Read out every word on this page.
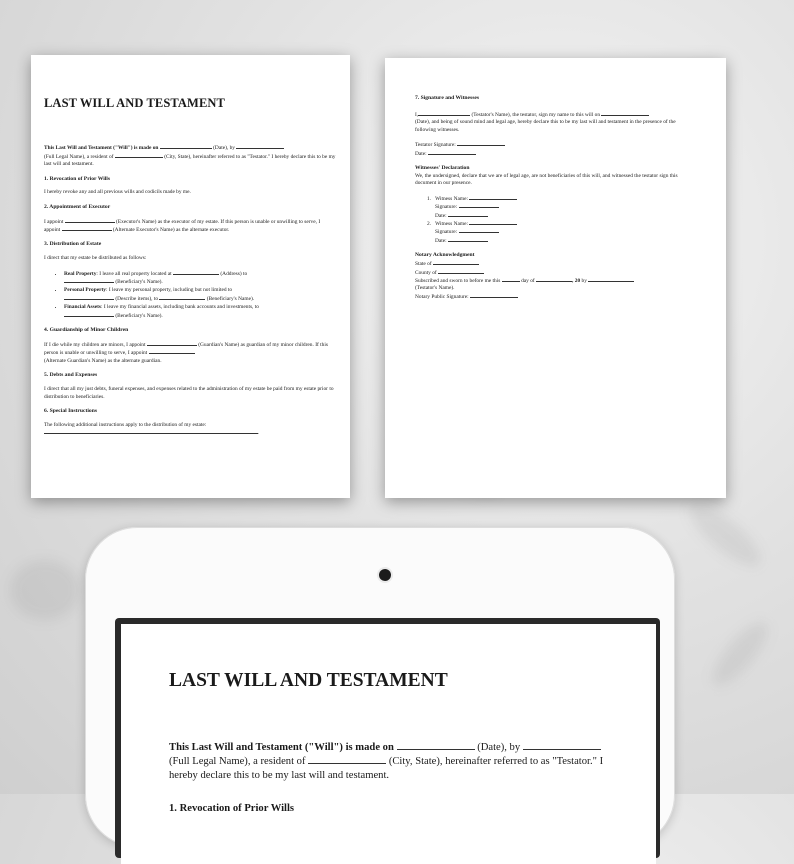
LAST WILL AND TESTAMENT

This Last Will and Testament ("Will") is made on	(Date), by
(Full Legal Name), a resident of	(City, State), hereinafter referred to as "Testator." I hereby declare this to be my last will and testament.

1. Revocation of Prior Wills

I hereby revoke any and all previous wills and codicils made by me.

2. Appointment of Executor

I appoint	(Executor's Name) as the executor of my estate. If this person is unable or unwilling to serve, I appoint	(Alternate Executor's Name) as the alternate executor.

3. Distribution of Estate

I direct that my estate be distributed as follows:

• Real Property: I leave all real property located at	(Address) to
(Beneficiary's Name).
• Personal Property: I leave my personal property, including but not limited to
(Describe items), to	(Beneficiary's Name).
• Financial Assets: I leave my financial assets, including bank accounts and investments, to
(Beneficiary's Name).
4. Guardianship of Minor Children

If I die while my children are minors, I appoint	(Guardian's Name) as guardian of my minor children. If this person is unable or unwilling to serve, I appoint
(Alternate Guardian's Name) as the alternate guardian.

5. Debts and Expenses

I direct that all my just debts, funeral expenses, and expenses related to the administration of my estate be paid from my estate prior to distribution to beneficiaries.

6. Special Instructions

The following additional instructions apply to the distribution of my estate:
.

7. Signature and Witnesses

I,	(Testator's Name), the testator, sign my name to this will on
(Date), and being of sound mind and legal age, hereby declare this to be my last will and testament in the presence of the following witnesses.

Testator Signature:

Date:

Witnesses' Declaration

We, the undersigned, declare that we are of legal age, are not beneficiaries of this will, and witnessed the testator sign this document in our presence.

1. Witness Name:

Signature:

Date:

2. Witness Name:

Signature:

Date:

Notary Acknowledgment

State of

County of

Subscribed and sworn to before me this	day of	, 20 by
(Testator's Name).

Notary Public Signature:

LAST WILL AND TESTAMENT

This Last Will and Testament ("Will") is made on	(Date), by
(Full Legal Name), a resident of	(City, State), hereinafter referred to as "Testator." I hereby declare this to be my last will and testament.

1. Revocation of Prior Wills
